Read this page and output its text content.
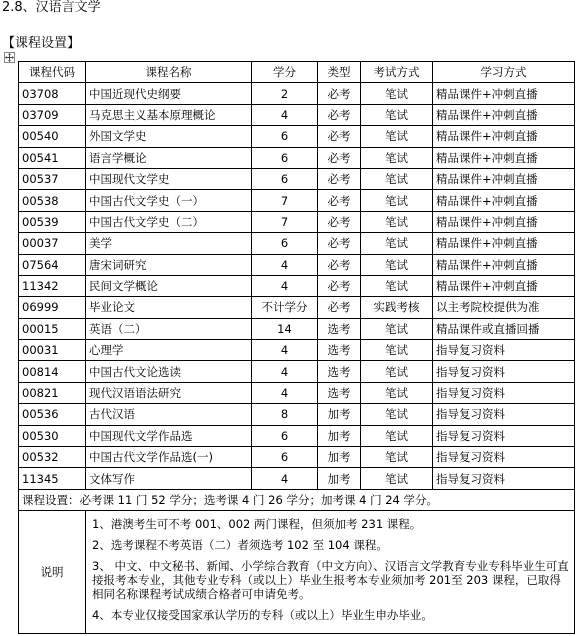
2.8、汉语言文学
【课程设置】
课程代码	课程名称	学分	类型	考试方式	学习方式
03708	中国近现代史纲要	2	必考	笔试	精品课件+冲刺直播
03709	马克思主义基本原理概论	4	必考	笔试	精品课件+冲刺直播
00540	外国文学史	6	必考	笔试	精品课件+冲刺直播
00541	语言学概论	6	必考	笔试	精品课件+冲刺直播
00537	中国现代文学史	6	必考	笔试	精品课件+冲刺直播
00538	中国古代文学史（一）	7	必考	笔试	精品课件+冲刺直播
00539	中国古代文学史（二）	7	必考	笔试	精品课件+冲刺直播
00037	美学	6	必考	笔试	精品课件+冲刺直播
07564	唐宋词研究	4	必考	笔试	精品课件+冲刺直播
11342	民间文学概论	4	必考	笔试	精品课件+冲刺直播
06999	毕业论文	不计学分	必考	实践考核	以主考院校提供为准
00015	英语（二）	14	选考	笔试	精品课件或直播回播
00031	心理学	4	选考	笔试	指导复习资料
00814	中国古代文论选读	4	选考	笔试	指导复习资料
00821	现代汉语语法研究	4	选考	笔试	指导复习资料
00536	古代汉语	8	加考	笔试	指导复习资料
00530	中国现代文学作品选	6	加考	笔试	指导复习资料
00532	中国古代文学作品选(一)	6	加考	笔试	指导复习资料
11345	文体写作	4	加考	笔试	指导复习资料
课程设置：必考课 11 门 52 学分；选考课 4 门 26 学分；加考课 4 门 24 学分。					
说明	1、港澳考生可不考 001、002 两门课程，但须加考 231 课程。
2、选考课程不考英语（二）者须选考 102 至 104 课程。
3、 中文、中文秘书、新闻、小学综合教育（中文方向）、汉语言文学教育专业专科毕业生可直接报考本专业，其他专业专科（或以上）毕业生报考本专业须加考 201至 203 课程，已取得相同名称课程考试成绩合格者可申请免考。
4、本专业仅接受国家承认学历的专科（或以上）毕业生申办毕业。				
